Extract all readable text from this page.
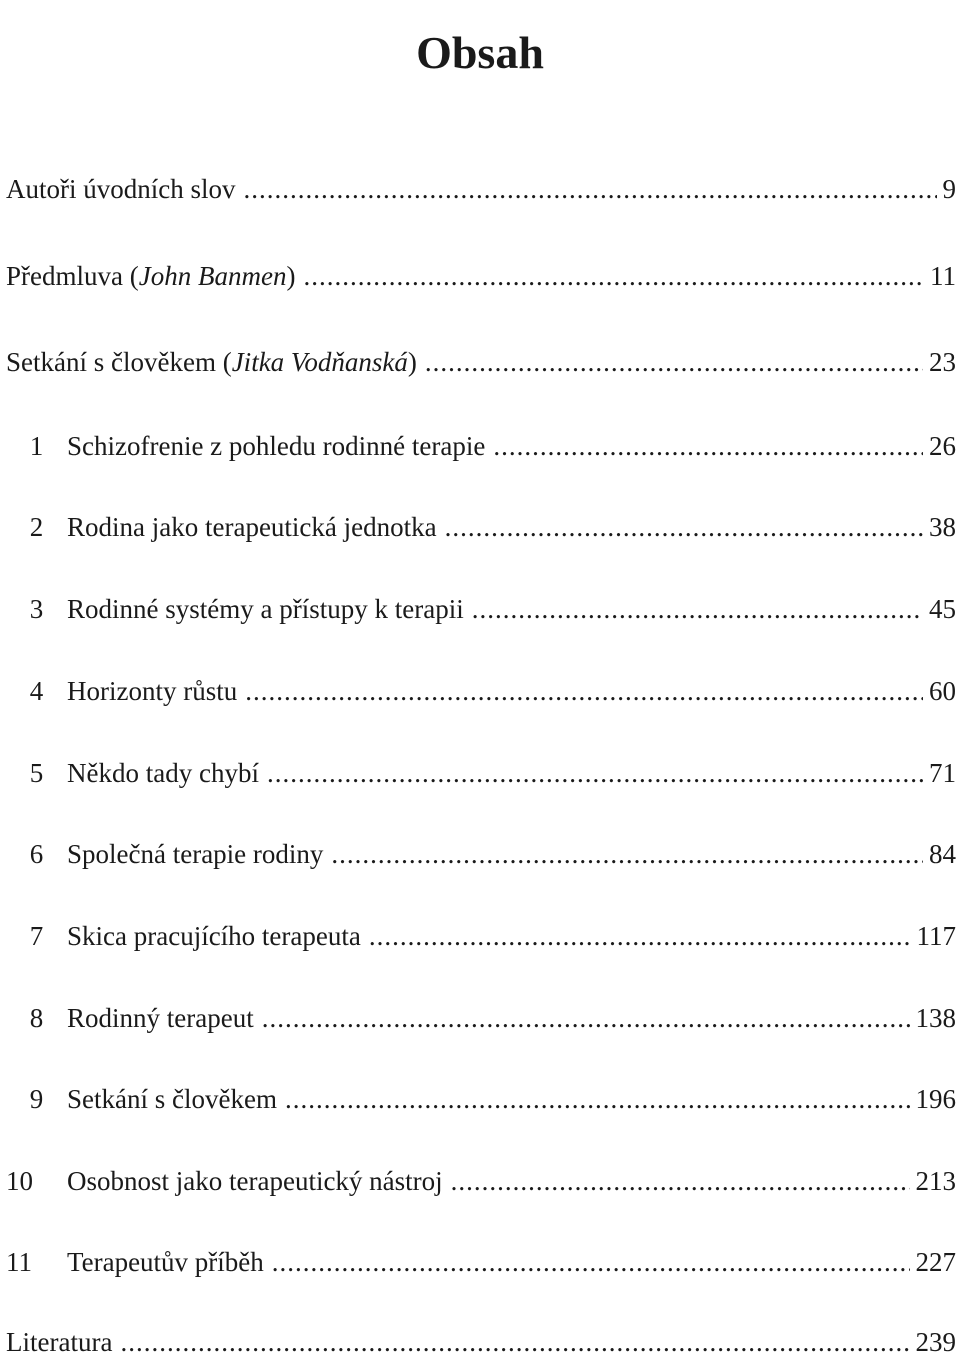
Obsah
Autoři úvodních slov .....	9
Předmluva (John Banmen) .....	11
Setkání s člověkem (Jitka Vodňanská) .....	23
1 Schizofrenie z pohledu rodinné terapie .....	26
2 Rodina jako terapeutická jednotka .....	38
3 Rodinné systémy a přístupy k terapii .....	45
4 Horizonty růstu .....	60
5 Někdo tady chybí .....	71
6 Společná terapie rodiny .....	84
7 Skica pracujícího terapeuta .....	117
8 Rodinný terapeut .....	138
9 Setkání s člověkem .....	196
10	Osobnost jako terapeutický nástroj .....	213
11	Terapeutův příběh .....	227
Literatura .....	239
